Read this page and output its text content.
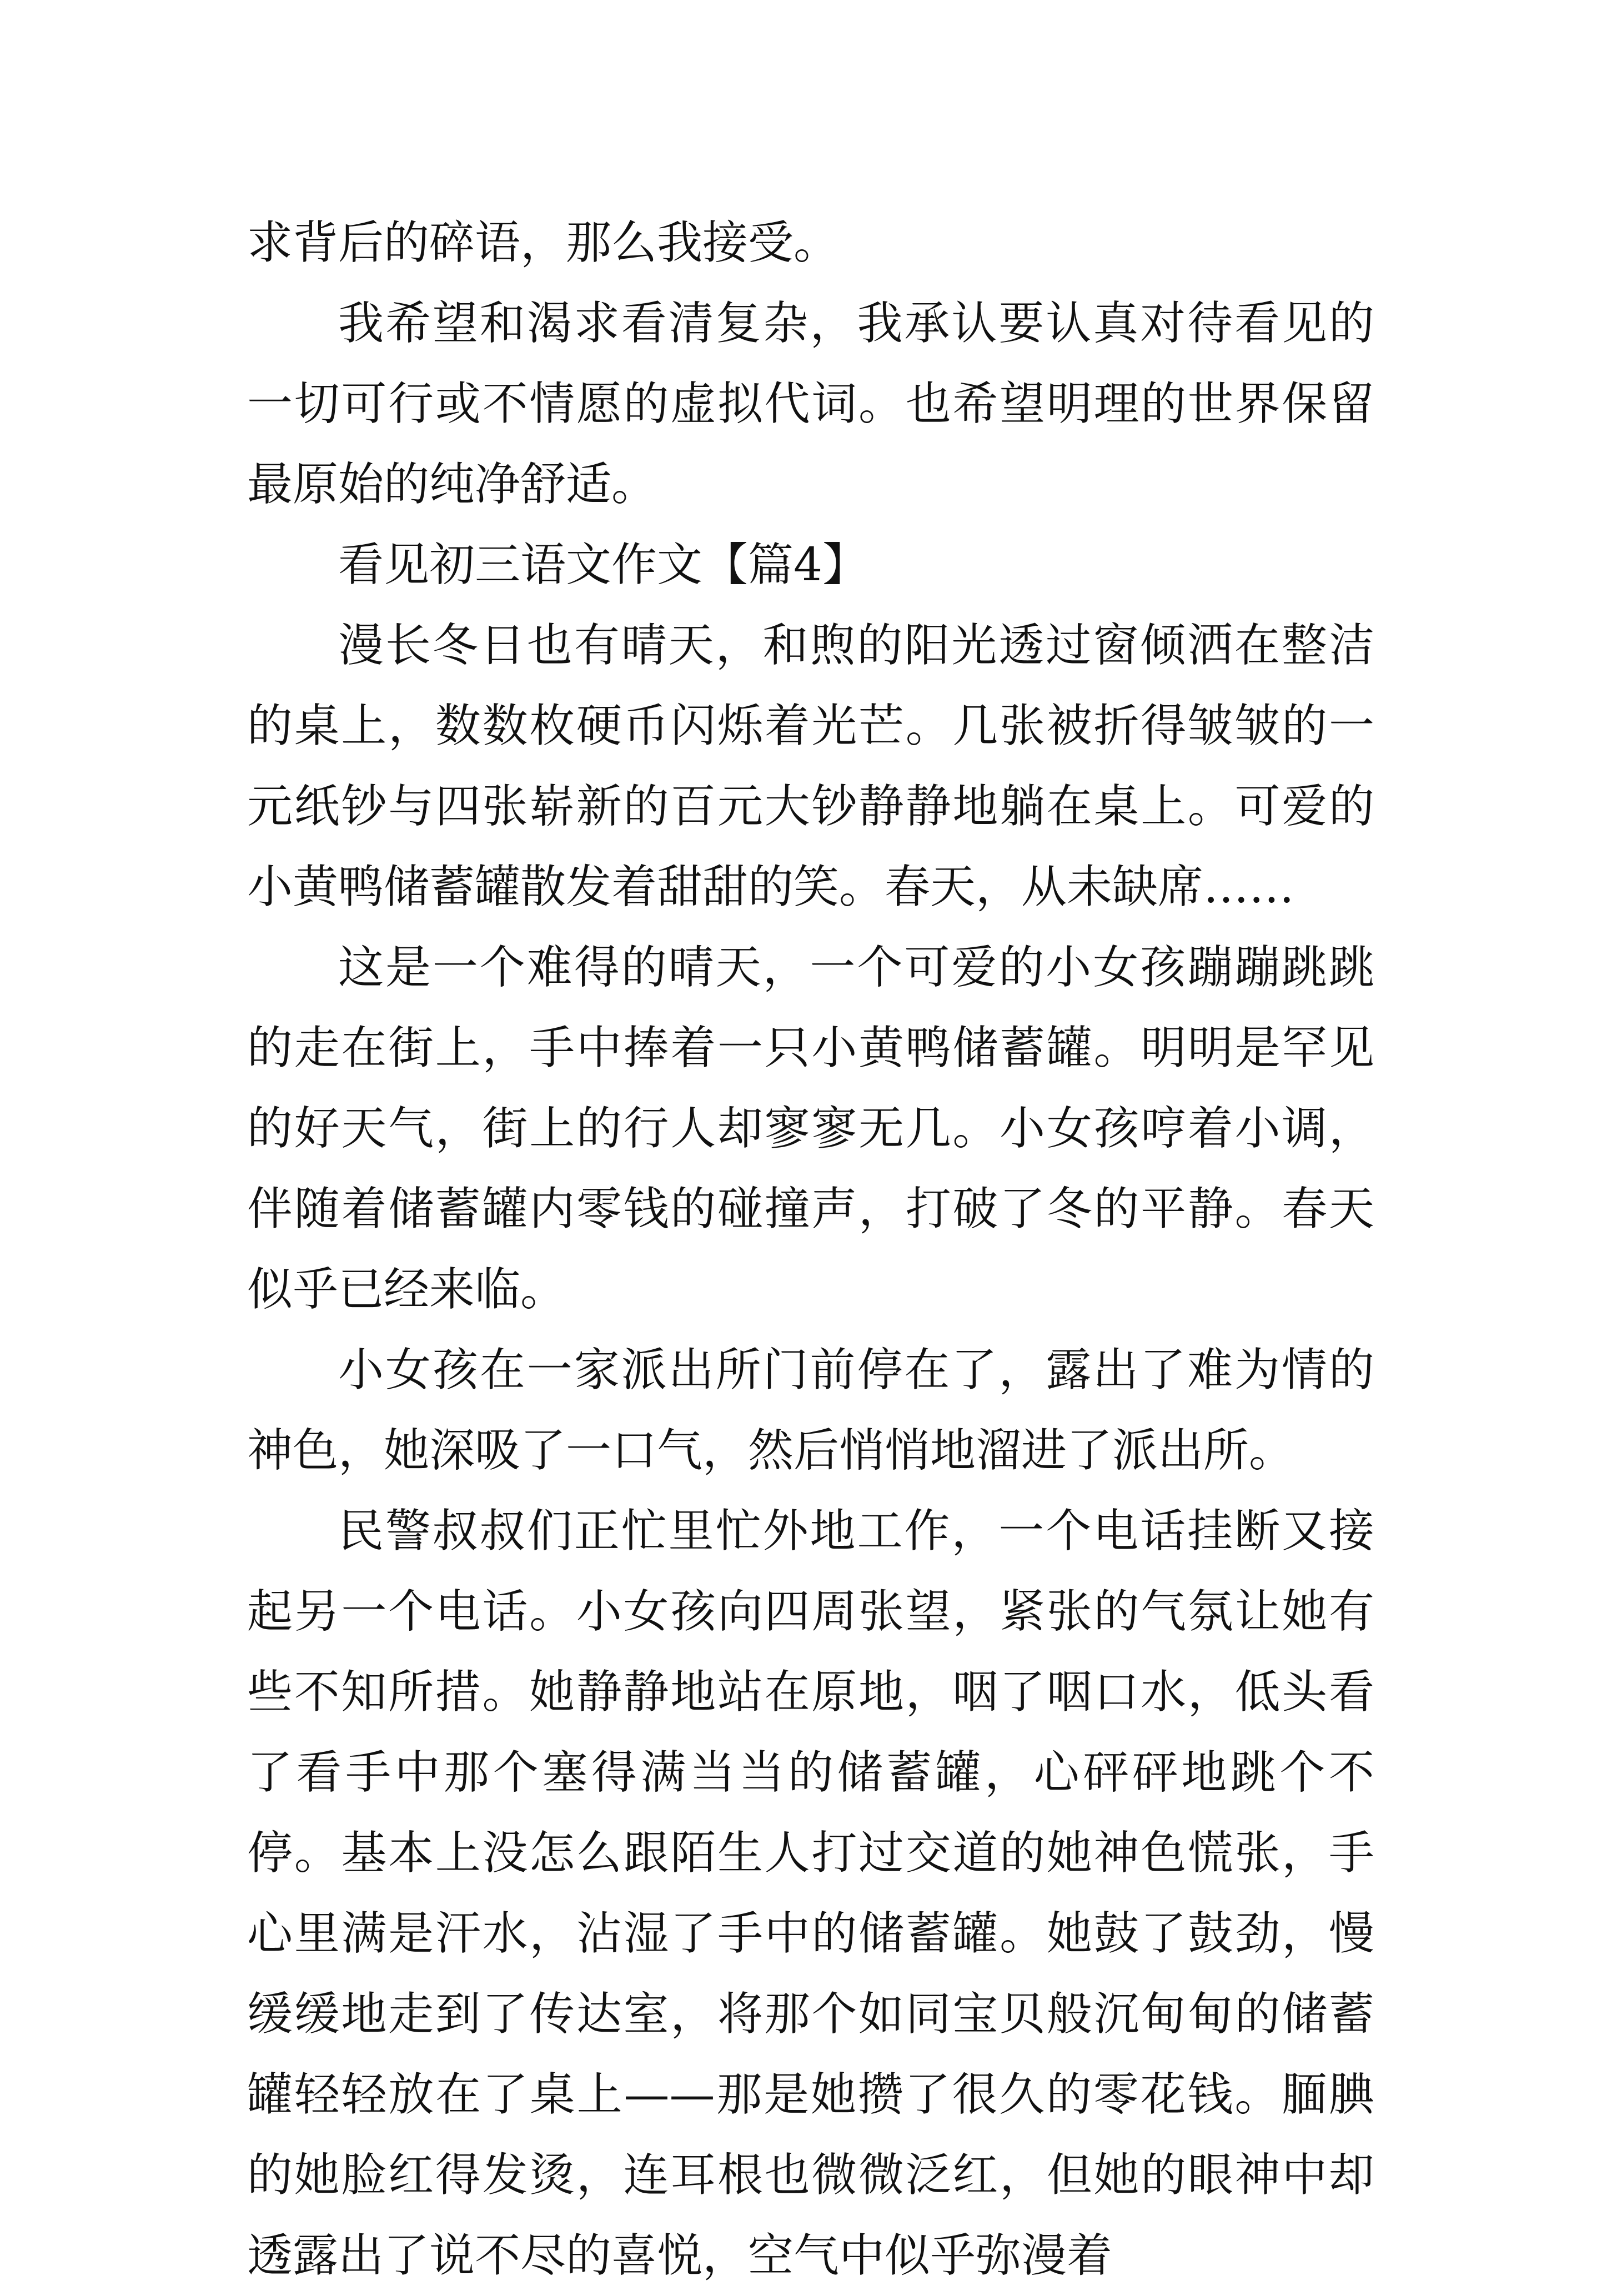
求背后的碎语，那么我接受。

我希望和渴求看清复杂，我承认要认真对待看见的一切可行或不情愿的虚拟代词。也希望明理的世界保留最原始的纯净舒适。

看见初三语文作文【篇4】

漫长冬日也有晴天，和煦的阳光透过窗倾洒在整洁的桌上，数数枚硬币闪烁着光芒。几张被折得皱皱的一元纸钞与四张崭新的百元大钞静静地躺在桌上。可爱的小黄鸭储蓄罐散发着甜甜的笑。春天，从未缺席……

这是一个难得的晴天，一个可爱的小女孩蹦蹦跳跳的走在街上，手中捧着一只小黄鸭储蓄罐。明明是罕见的好天气，街上的行人却寥寥无几。小女孩哼着小调，伴随着储蓄罐内零钱的碰撞声，打破了冬的平静。春天似乎已经来临。

小女孩在一家派出所门前停在了，露出了难为情的神色，她深吸了一口气，然后悄悄地溜进了派出所。

民警叔叔们正忙里忙外地工作，一个电话挂断又接起另一个电话。小女孩向四周张望，紧张的气氛让她有些不知所措。她静静地站在原地，咽了咽口水，低头看了看手中那个塞得满当当的储蓄罐，心砰砰地跳个不停。基本上没怎么跟陌生人打过交道的她神色慌张，手心里满是汗水，沾湿了手中的储蓄罐。她鼓了鼓劲，慢缓缓地走到了传达室，将那个如同宝贝般沉甸甸的储蓄罐轻轻放在了桌上——那是她攒了很久的零花钱。腼腆的她脸红得发烫，连耳根也微微泛红，但她的眼神中却透露出了说不尽的喜悦，空气中似乎弥漫着
